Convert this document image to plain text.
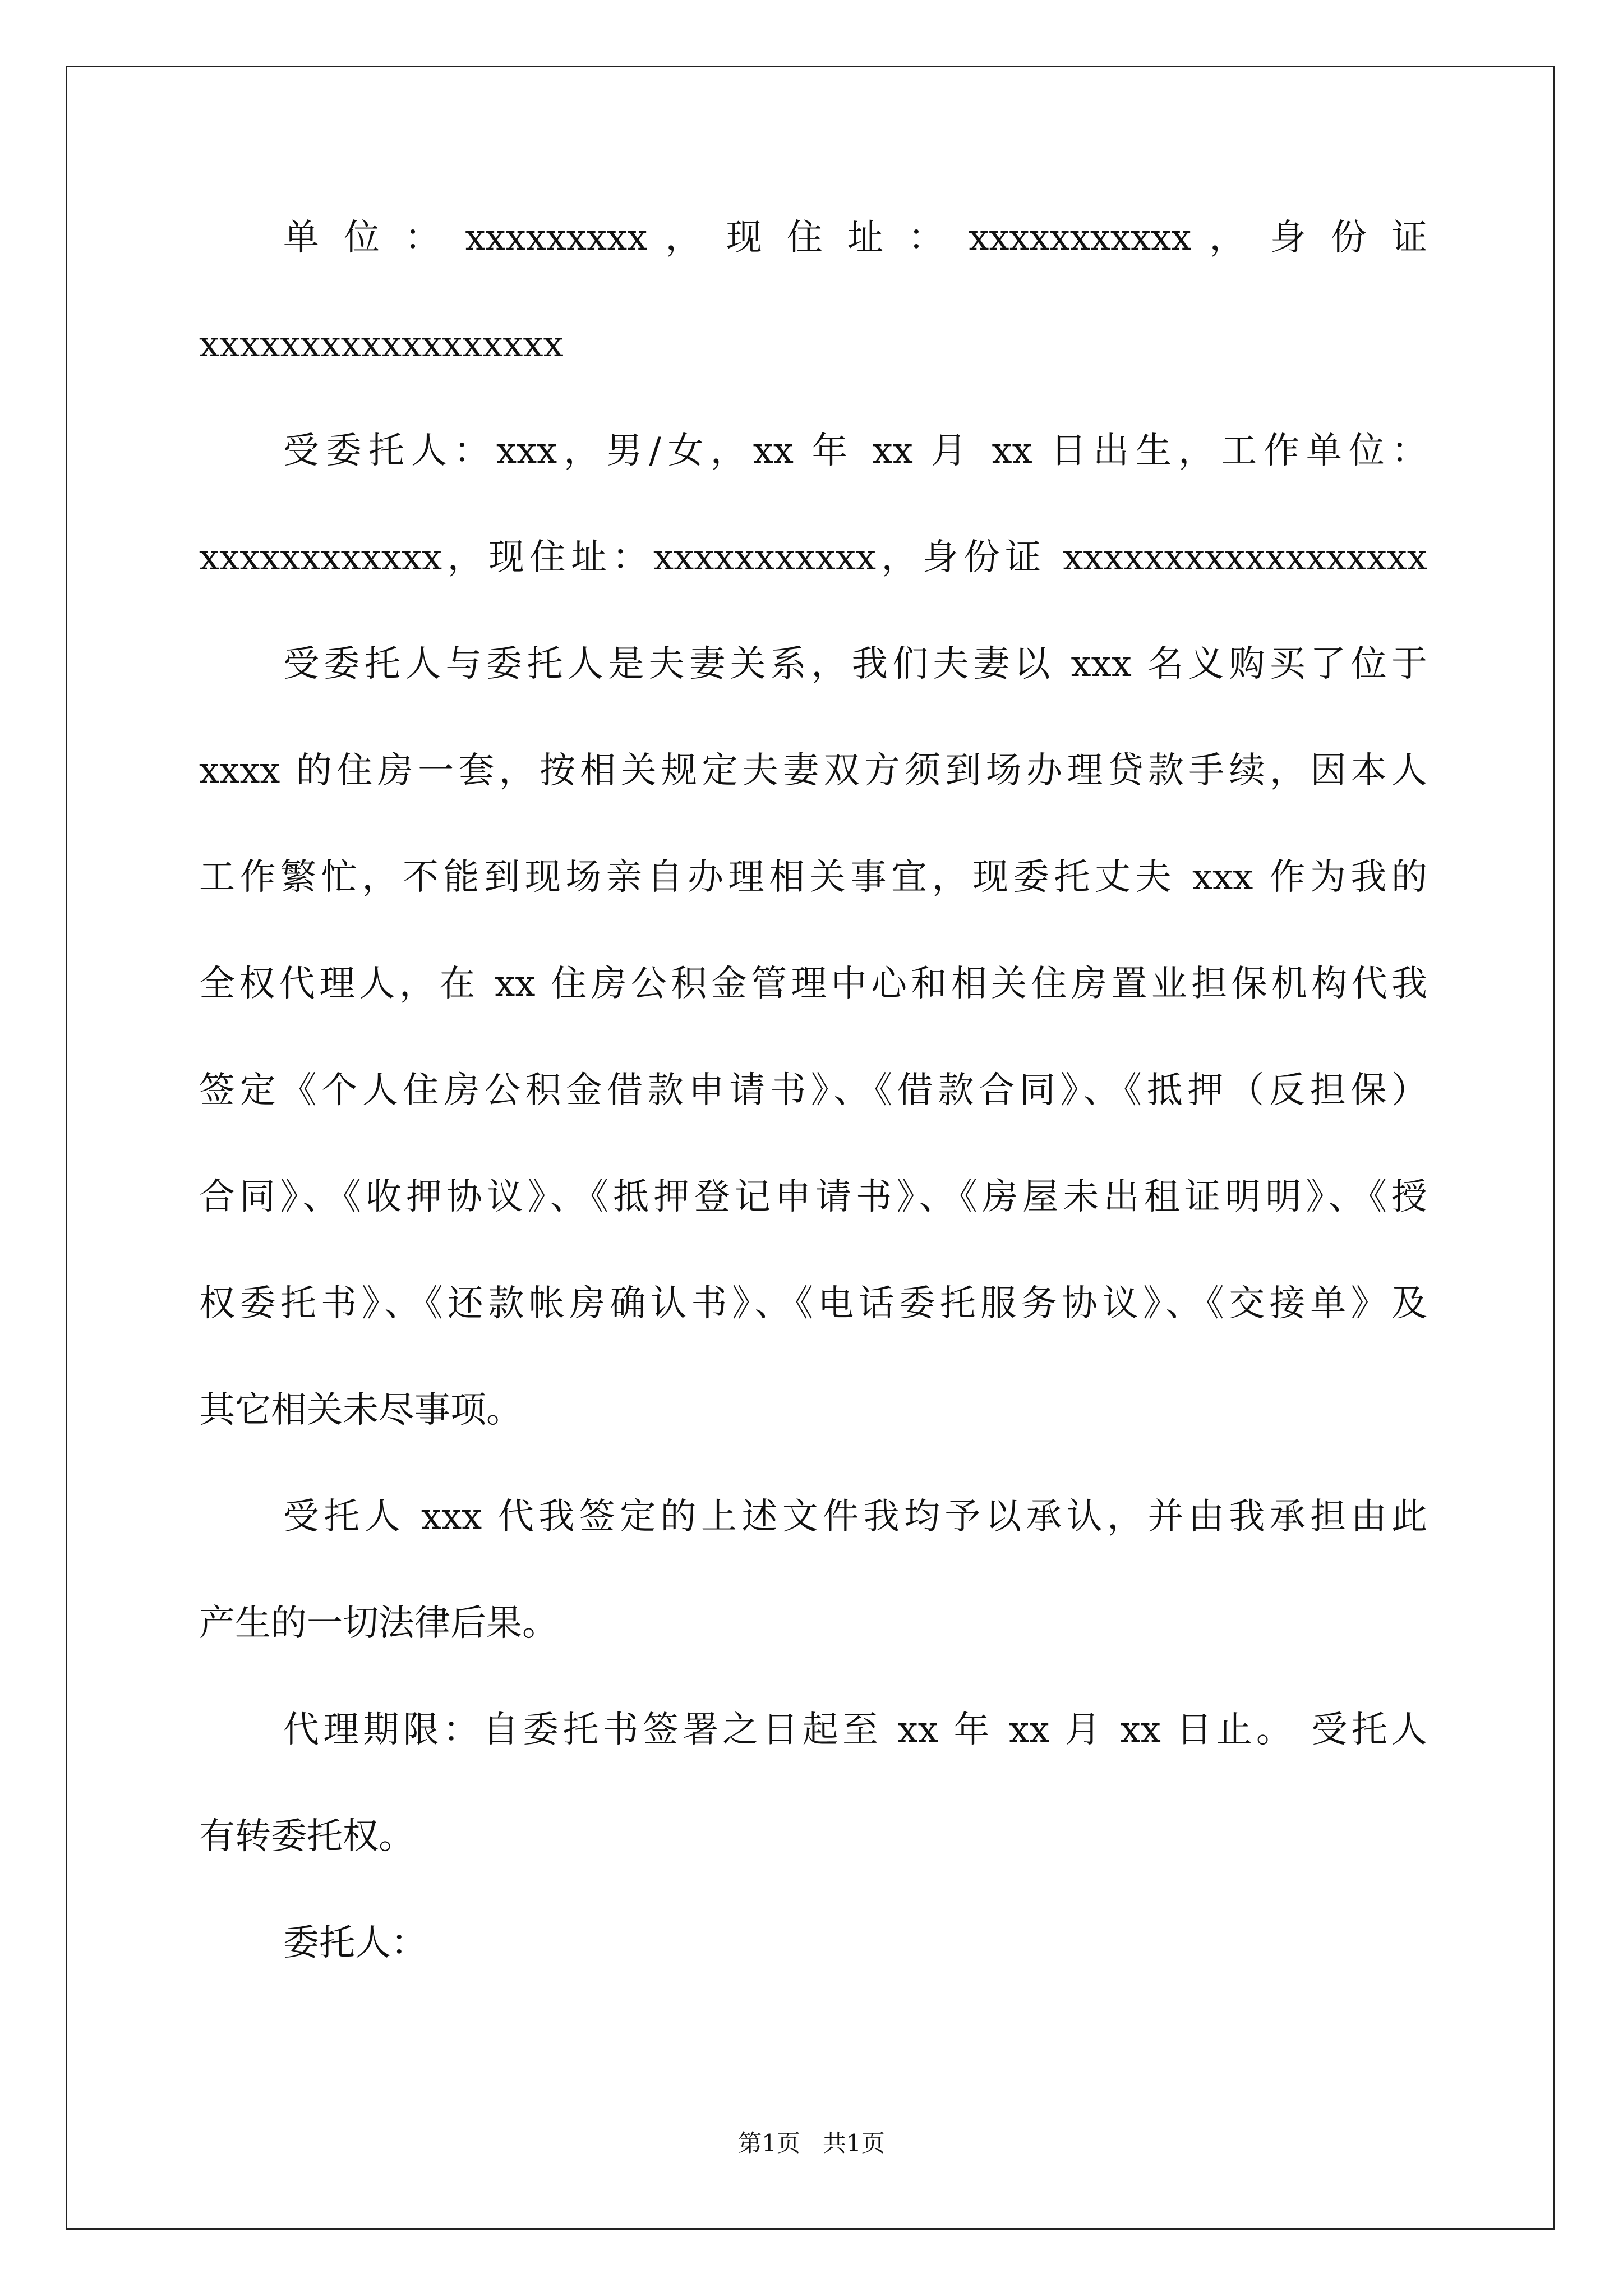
单 位 ： xxxxxxxxx ， 现 住 址 ： xxxxxxxxxxx ， 身 份 证
xxxxxxxxxxxxxxxxxx
受委托人：xxx，男/女，xx 年 xx 月 xx 日出生，工作单位：
xxxxxxxxxxxx，现住址：xxxxxxxxxxx，身份证 xxxxxxxxxxxxxxxxxx
受委托人与委托人是夫妻关系，我们夫妻以 xxx 名义购买了位于
xxxx 的住房一套，按相关规定夫妻双方须到场办理贷款手续，因本人
工作繁忙，不能到现场亲自办理相关事宜，现委托丈夫 xxx 作为我的
全权代理人，在 xx 住房公积金管理中心和相关住房置业担保机构代我
签定《个人住房公积金借款申请书》、《借款合同》、《抵押（反担保）
合同》、《收押协议》、《抵押登记申请书》、《房屋未出租证明明》、《授
权委托书》、《还款帐房确认书》、《电话委托服务协议》、《交接单》及
其它相关未尽事项。
受托人 xxx 代我签定的上述文件我均予以承认，并由我承担由此
产生的一切法律后果。
代理期限：自委托书签署之日起至 xx 年 xx 月 xx 日止。 受托人
有转委托权。
委托人：
第1页   共1页
